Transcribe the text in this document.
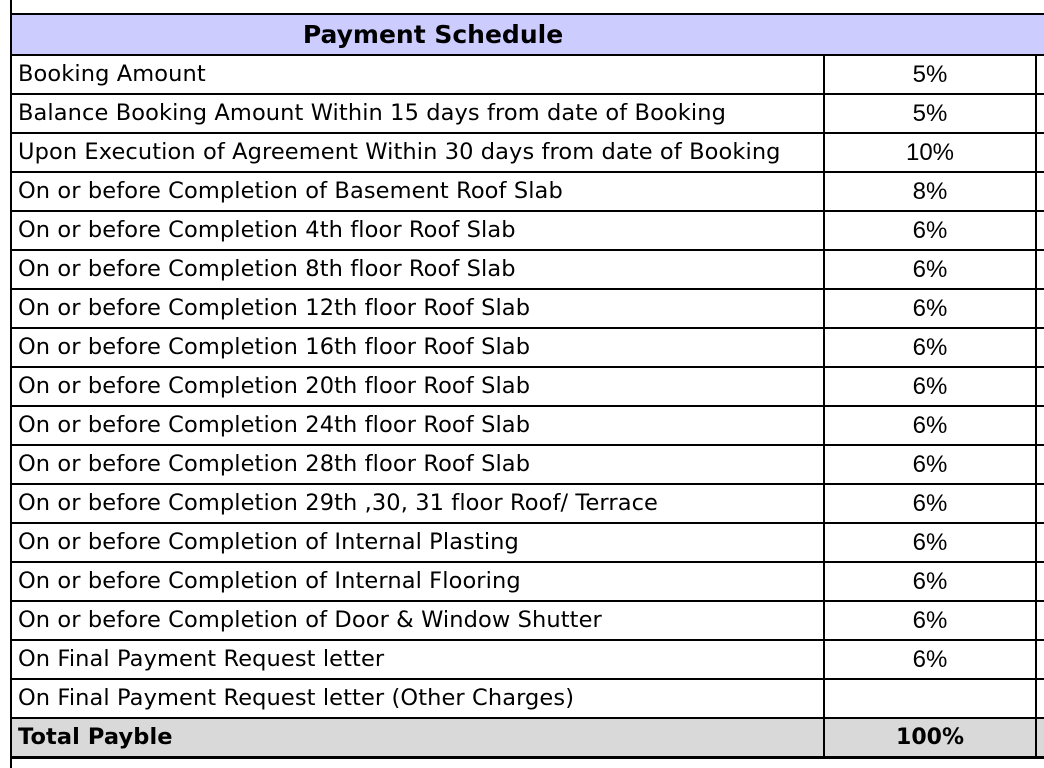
Payment Schedule
Booking Amount	5%
Balance Booking Amount Within 15 days from date of Booking	5%
Upon Execution of Agreement Within 30 days from date of Booking	10%
On or before Completion of Basement Roof Slab	8%
On or before Completion 4th floor Roof Slab	6%
On or before Completion 8th floor Roof Slab	6%
On or before Completion 12th floor Roof Slab	6%
On or before Completion 16th floor Roof Slab	6%
On or before Completion 20th floor Roof Slab	6%
On or before Completion 24th floor Roof Slab	6%
On or before Completion 28th floor Roof Slab	6%
On or before Completion 29th ,30, 31 floor Roof/ Terrace	6%
On or before Completion of Internal Plasting	6%
On or before Completion of Internal Flooring	6%
On or before Completion of Door & Window Shutter	6%
On Final Payment Request letter	6%
On Final Payment Request letter (Other Charges)
Total Payble	100%
